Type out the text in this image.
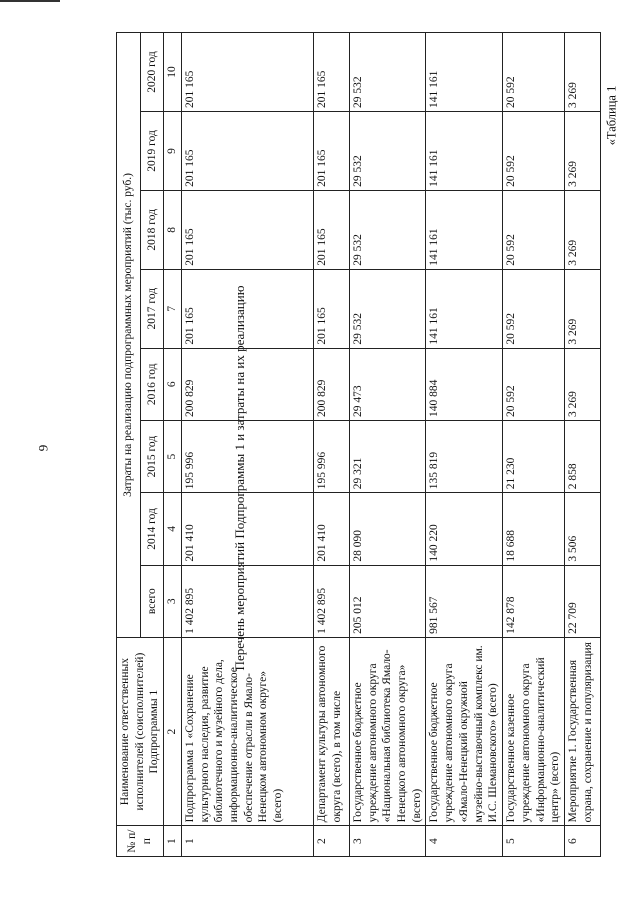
9
«Таблица 1
Перечень мероприятий Подпрограммы 1 и затраты на их реализацию
№ п/п	Наименование ответственных исполнителей (соисполнителей) Подпрограммы 1	Затраты на реализацию подпрограммных мероприятий (тыс. руб.)							
		всего	2014 год	2015 год	2016 год	2017 год	2018 год	2019 год	2020 год
1	2	3	4	5	6	7	8	9	10
1	Подпрограмма 1 «Сохранение культурного наследия, развитие библиотечного и музейного дела, информационно-аналитическое обеспечение отрасли в Ямало-Ненецком автономном округе» (всего)	1 402 895	201 410	195 996	200 829	201 165	201 165	201 165	201 165
2	Департамент культуры автономного округа (всего), в том числе	1 402 895	201 410	195 996	200 829	201 165	201 165	201 165	201 165
3	Государственное бюджетное учреждение автономного округа «Национальная библиотека Ямало-Ненецкого автономного округа» (всего)	205 012	28 090	29 321	29 473	29 532	29 532	29 532	29 532
4	Государственное бюджетное учреждение автономного округа «Ямало-Ненецкий окружной музейно-выставочный комплекс им. И.С. Шемановского» (всего)	981 567	140 220	135 819	140 884	141 161	141 161	141 161	141 161
5	Государственное казенное учреждение автономного округа «Информационно-аналитический центр» (всего)	142 878	18 688	21 230	20 592	20 592	20 592	20 592	20 592
6	Мероприятие 1. Государственная охрана, сохранение и популяризация	22 709	3 506	2 858	3 269	3 269	3 269	3 269	3 269
